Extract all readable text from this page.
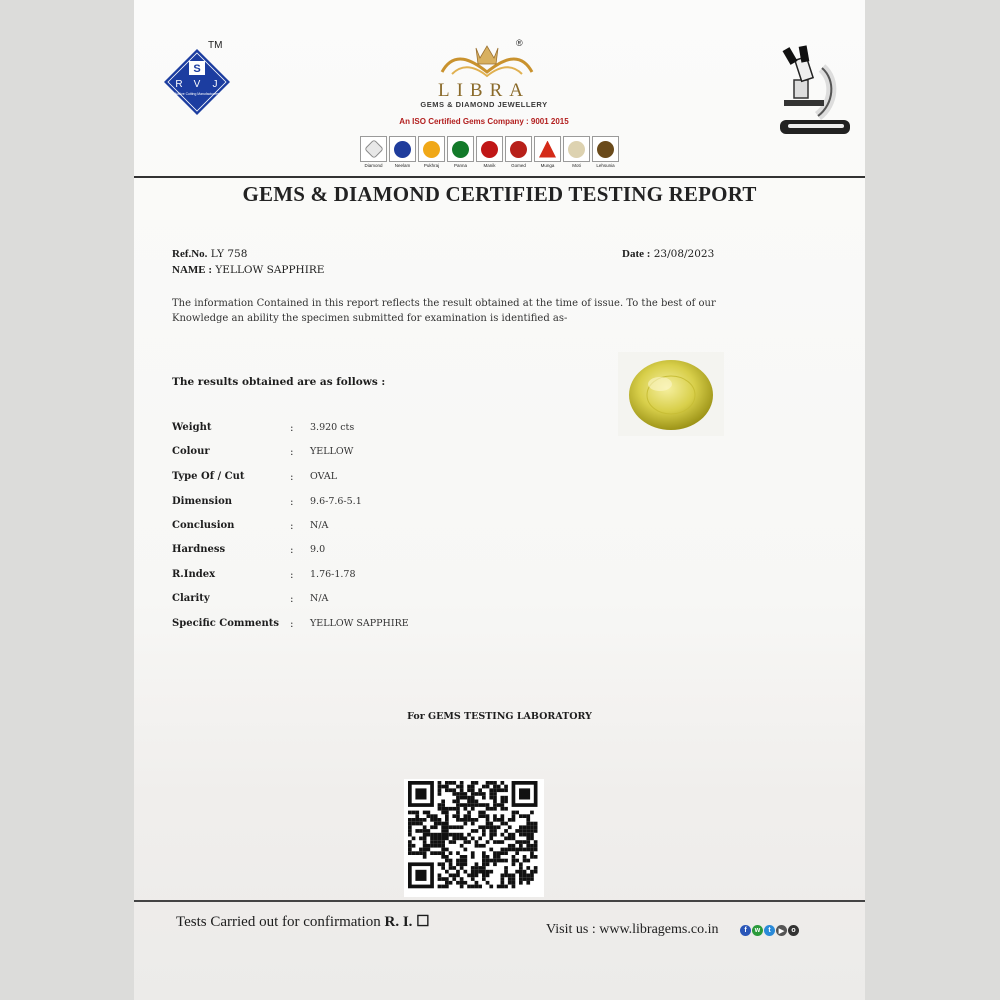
S
R V J
Native Cutting Manufacturers
TM	®
LIBRA
GEMS & DIAMOND JEWELLERY
An ISO Certified Gems Company : 9001 2015
Diamond	Neelam	Pukhraj	Panna	Manik	Gomed	Munga	Moti	Lehsunia
GEMS & DIAMOND CERTIFIED TESTING REPORT
Ref.No. LY 758
NAME : YELLOW SAPPHIRE
Date : 23/08/2023
The information Contained in this report reflects the result obtained at the time of issue. To the best of our
Knowledge an ability the specimen submitted for examination is identified as-
The results obtained are as follows :
Weight	: 3.920 cts
Colour	: YELLOW
Type Of / Cut	: OVAL
Dimension	: 9.6-7.6-5.1
Conclusion	: N/A
Hardness	: 9.0
R.Index	: 1.76-1.78
Clarity	: N/A
Specific Comments : YELLOW SAPPHIRE
For GEMS TESTING LABORATORY
Tests Carried out for confirmation R. I. ☐	Visit us : www.libragems.co.in	f	w	t	▶	o
